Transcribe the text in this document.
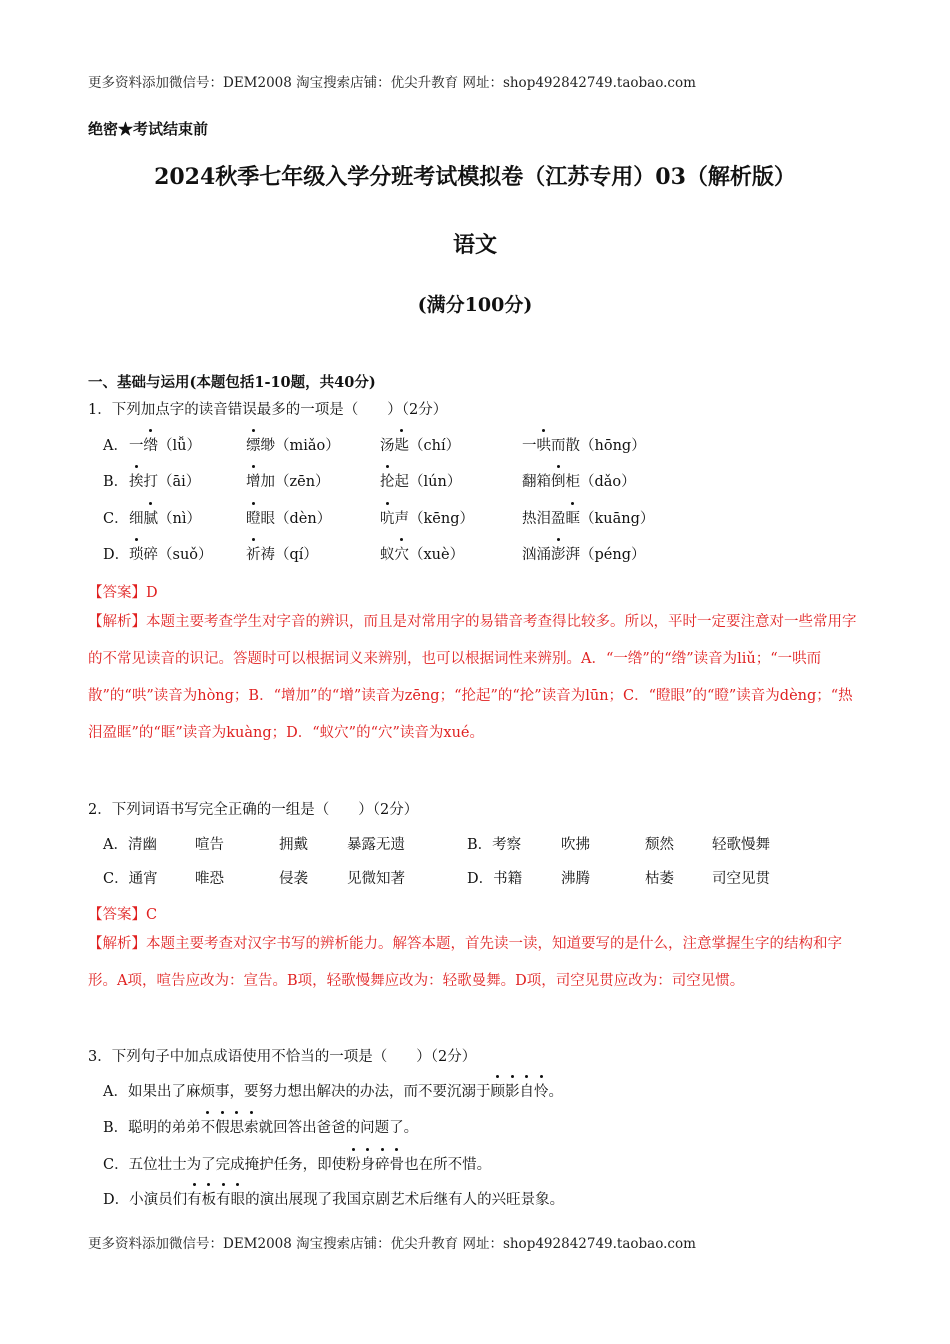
更多资料添加微信号：DEM2008 淘宝搜索店铺：优尖升教育 网址：shop492842749.taobao.com
绝密★考试结束前
2024秋季七年级入学分班考试模拟卷（江苏专用）03（解析版）
语文
(满分100分)
一、基础与运用(本题包括1-10题，共40分)
1．下列加点字的读音错误最多的一项是（　　）（2分）
A． 一绺（lǚ）	缥缈（miǎo）	汤匙（chí）	一哄而散（hōng）
B． 挨打（āi）	增加（zēn）	抡起（lún）	翻箱倒柜（dǎo）
C． 细腻（nì）	瞪眼（dèn）	吭声（kēng）	热泪盈眶（kuāng）
D． 琐碎（suǒ） 祈祷（qí）	蚁穴（xuè）	汹涌澎湃（péng）
【答案】D
【解析】本题主要考查学生对字音的辨识，而且是对常用字的易错音考查得比较多。所以，平时一定要注意对一些常用字的不常见读音的识记。答题时可以根据词义来辨别，也可以根据词性来辨别。A．“一绺”的“绺”读音为liǔ；“一哄而散”的“哄”读音为hòng；B．“增加”的“增”读音为zēng；“抡起”的“抡”读音为lūn；C．“瞪眼”的“瞪”读音为dèng；“热泪盈眶”的“眶”读音为kuàng；D．“蚁穴”的“穴”读音为xué。
2．下列词语书写完全正确的一组是（　　）（2分）
A．清幽	喧告	拥戴	暴露无遗	B．考察	吹拂	颓然	轻歌慢舞
C．通宵	唯恐	侵袭	见微知著	D．书籍	沸腾	枯萎	司空见贯
【答案】C
【解析】本题主要考查对汉字书写的辨析能力。解答本题，首先读一读，知道要写的是什么，注意掌握生字的结构和字形。A项，喧告应改为：宣告。B项，轻歌慢舞应改为：轻歌曼舞。D项，司空见贯应改为：司空见惯。
3．下列句子中加点成语使用不恰当的一项是（　　）（2分）
A．如果出了麻烦事，要努力想出解决的办法，而不要沉溺于顾影自怜。
B．聪明的弟弟不假思索就回答出爸爸的问题了。
C．五位壮士为了完成掩护任务，即使粉身碎骨也在所不惜。
D．小演员们有板有眼的演出展现了我国京剧艺术后继有人的兴旺景象。
更多资料添加微信号：DEM2008 淘宝搜索店铺：优尖升教育 网址：shop492842749.taobao.com
